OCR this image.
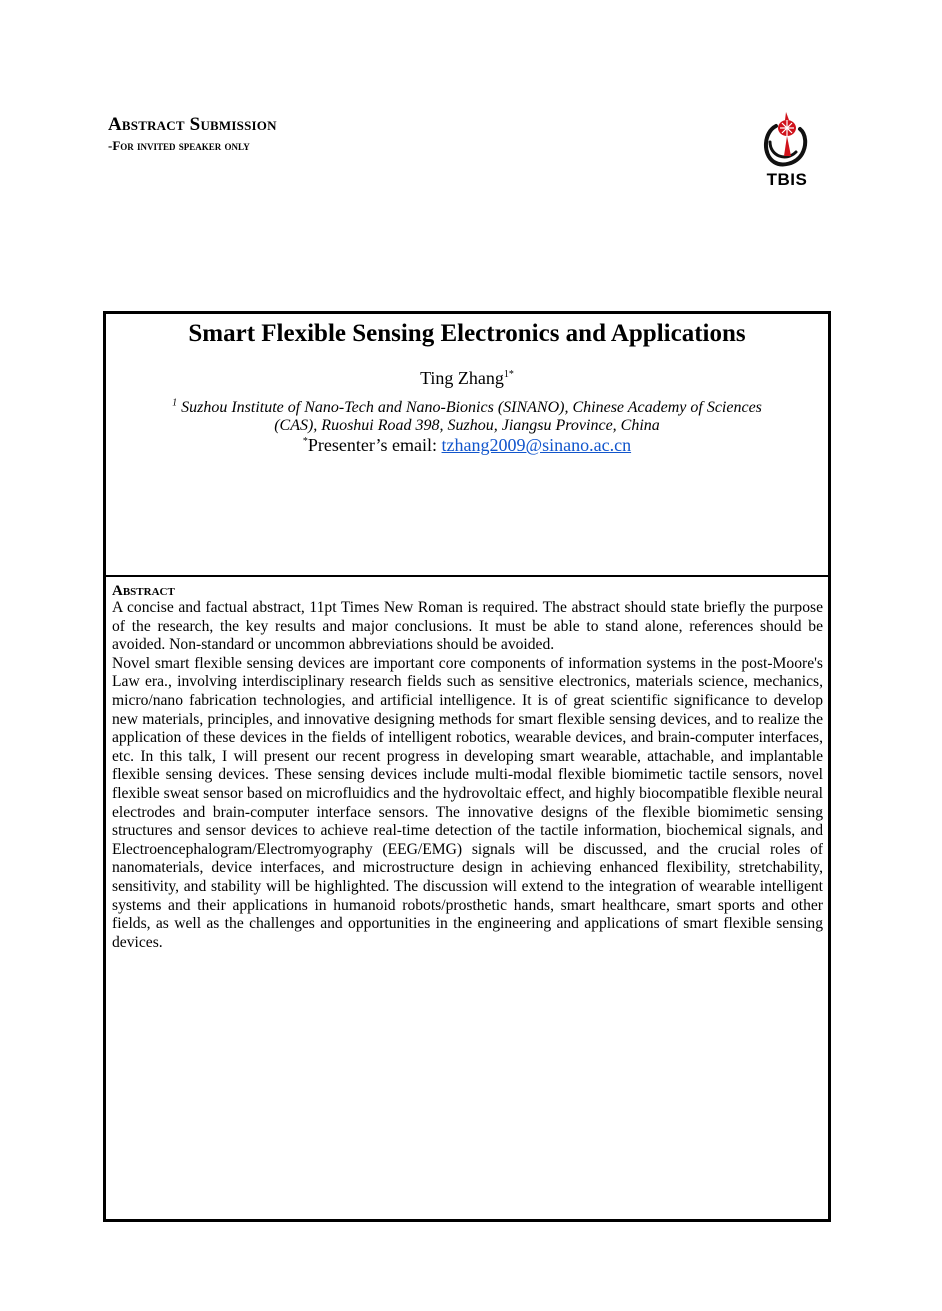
Abstract Submission
-For invited speaker only
TBIS
Smart Flexible Sensing Electronics and Applications
Ting Zhang$^{1*}$
$^1$ Suzhou Institute of Nano-Tech and Nano-Bionics (SINANO), Chinese Academy of Sciences
(CAS), Ruoshui Road 398, Suzhou, Jiangsu Province, China
*Presenter’s email: tzhang2009@sinano.ac.cn
Abstract

A concise and factual abstract, 11pt Times New Roman is required. The abstract should state briefly the purpose of the research, the key results and major conclusions. It must be able to stand alone, references should be avoided. Non-standard or uncommon abbreviations should be avoided.

Novel smart flexible sensing devices are important core components of information systems in the post-Moore's Law era., involving interdisciplinary research fields such as sensitive electronics, materials science, mechanics, micro/nano fabrication technologies, and artificial intelligence. It is of great scientific significance to develop new materials, principles, and innovative designing methods for smart flexible sensing devices, and to realize the application of these devices in the fields of intelligent robotics, wearable devices, and brain-computer interfaces, etc. In this talk, I will present our recent progress in developing smart wearable, attachable, and implantable flexible sensing devices. These sensing devices include multi-modal flexible biomimetic tactile sensors, novel flexible sweat sensor based on microfluidics and the hydrovoltaic effect, and highly biocompatible flexible neural electrodes and brain-computer interface sensors. The innovative designs of the flexible biomimetic sensing structures and sensor devices to achieve real-time detection of the tactile information, biochemical signals, and Electroencephalogram/Electromyography (EEG/EMG) signals will be discussed, and the crucial roles of nanomaterials, device interfaces, and microstructure design in achieving enhanced flexibility, stretchability, sensitivity, and stability will be highlighted. The discussion will extend to the integration of wearable intelligent systems and their applications in humanoid robots/prosthetic hands, smart healthcare, smart sports and other fields, as well as the challenges and opportunities in the engineering and applications of smart flexible sensing devices.
